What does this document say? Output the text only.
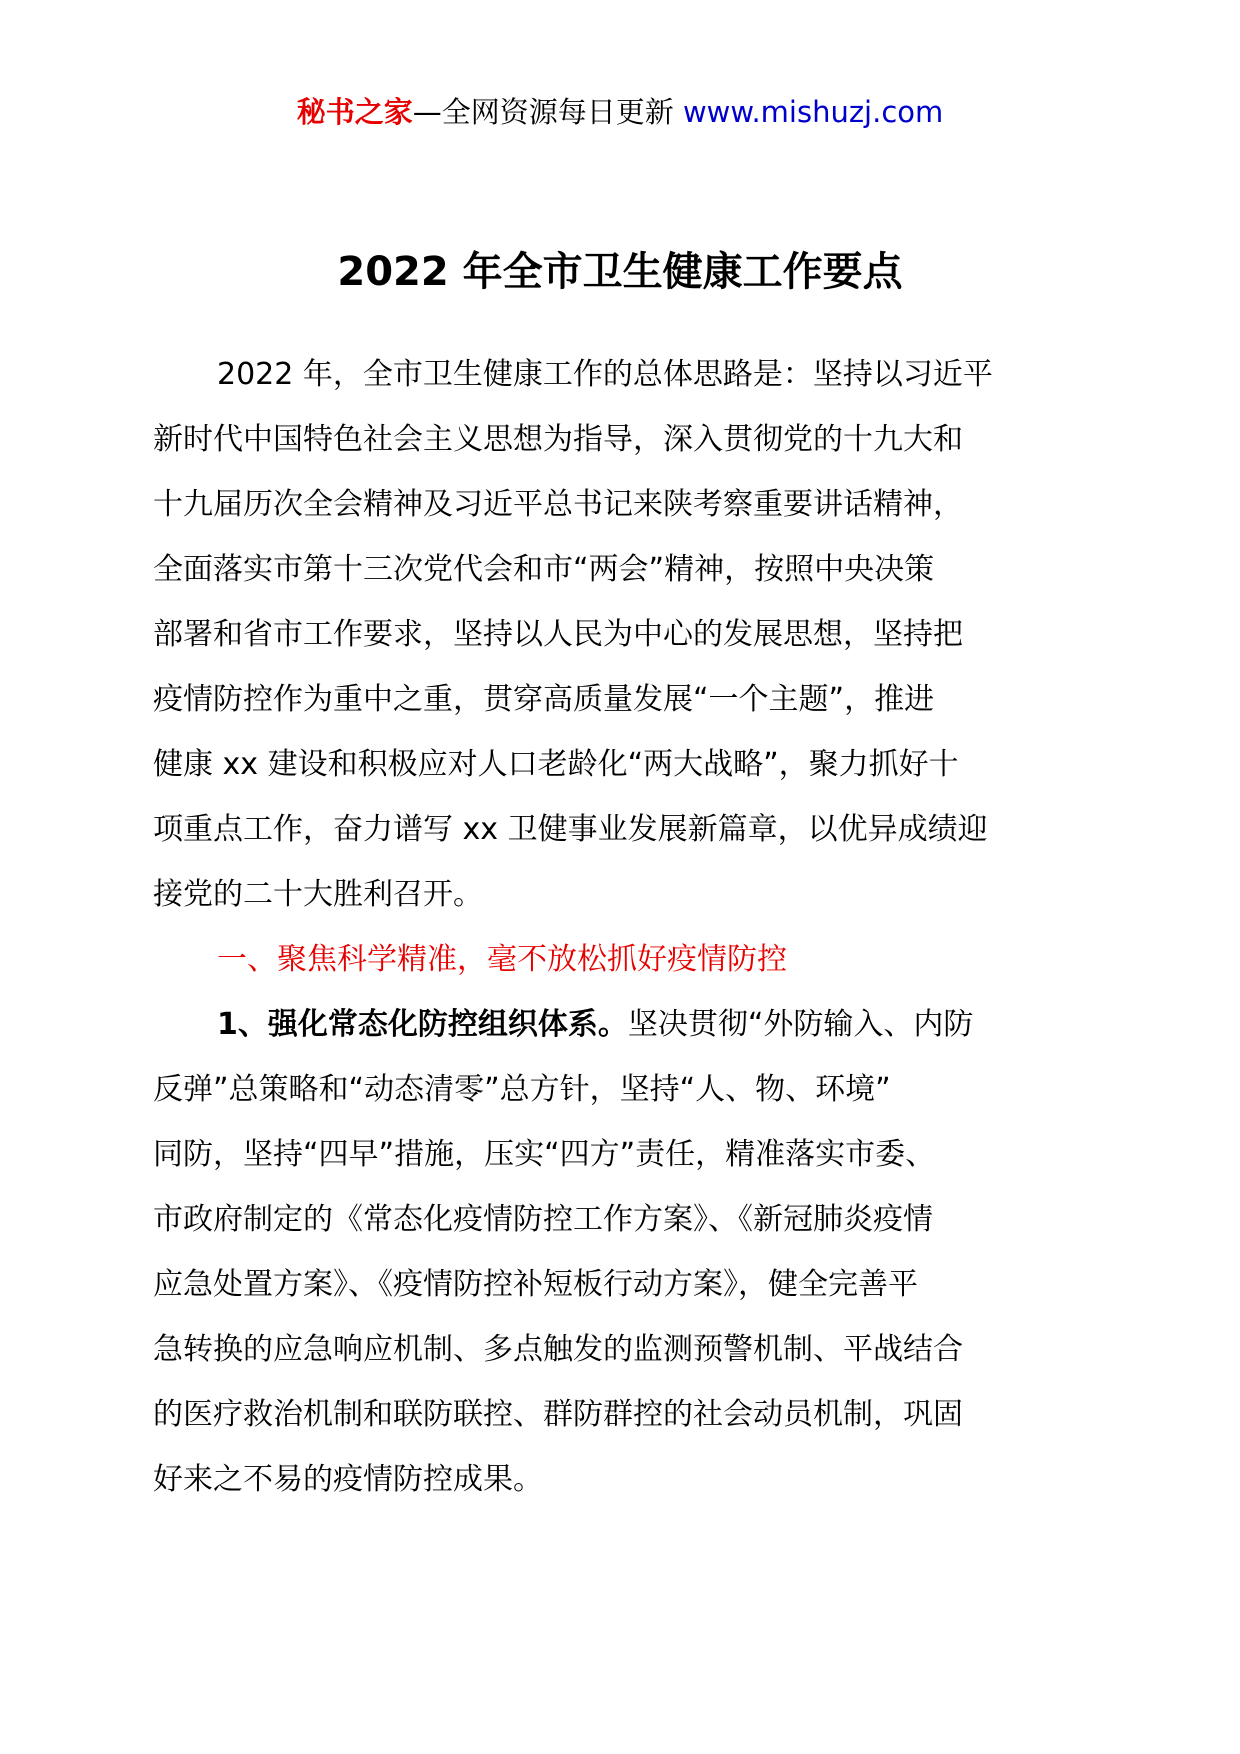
秘书之家—全网资源每日更新 www.mishuzj.com
2022 年全市卫生健康工作要点
2022 年，全市卫生健康工作的总体思路是：坚持以习近平
新时代中国特色社会主义思想为指导，深入贯彻党的十九大和
十九届历次全会精神及习近平总书记来陕考察重要讲话精神，
全面落实市第十三次党代会和市“两会”精神，按照中央决策
部署和省市工作要求，坚持以人民为中心的发展思想，坚持把
疫情防控作为重中之重，贯穿高质量发展“一个主题”，推进
健康 xx 建设和积极应对人口老龄化“两大战略”，聚力抓好十
项重点工作，奋力谱写 xx 卫健事业发展新篇章，以优异成绩迎
接党的二十大胜利召开。
一、聚焦科学精准，毫不放松抓好疫情防控
1、强化常态化防控组织体系。坚决贯彻“外防输入、内防
反弹”总策略和“动态清零”总方针，坚持“人、物、环境”
同防，坚持“四早”措施，压实“四方”责任，精准落实市委、
市政府制定的《常态化疫情防控工作方案》、《新冠肺炎疫情
应急处置方案》、《疫情防控补短板行动方案》，健全完善平
急转换的应急响应机制、多点触发的监测预警机制、平战结合
的医疗救治机制和联防联控、群防群控的社会动员机制，巩固
好来之不易的疫情防控成果。
